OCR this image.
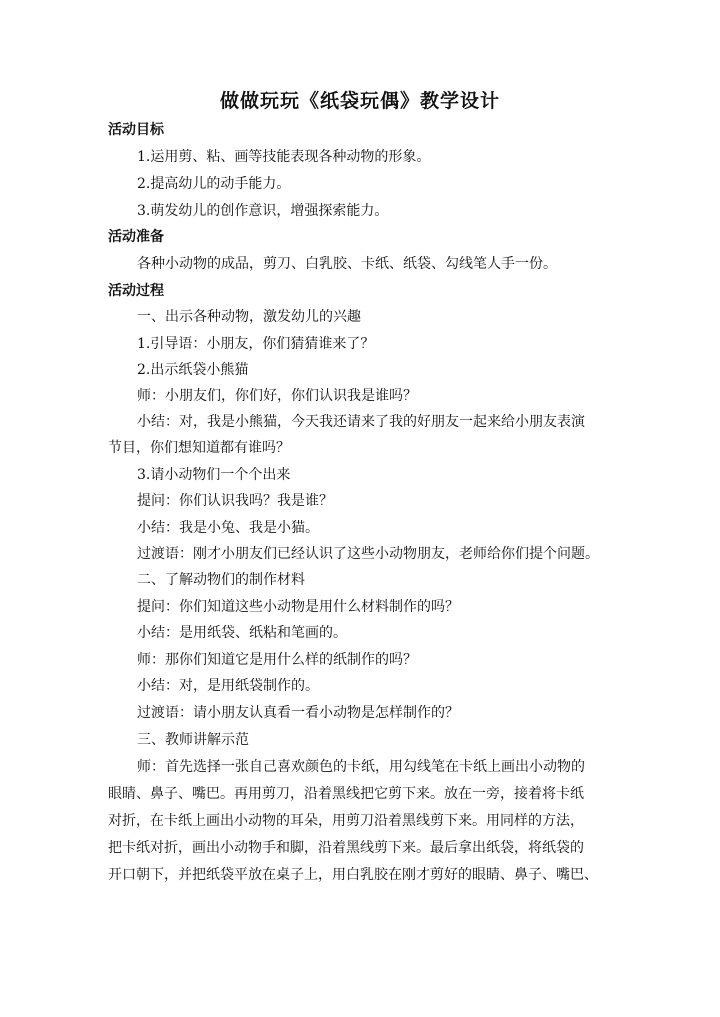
做做玩玩《纸袋玩偶》教学设计
活动目标
1.运用剪、粘、画等技能表现各种动物的形象。
2.提高幼儿的动手能力。
3.萌发幼儿的创作意识，增强探索能力。
活动准备
各种小动物的成品，剪刀、白乳胶、卡纸、纸袋、勾线笔人手一份。
活动过程
一、出示各种动物，激发幼儿的兴趣
1.引导语：小朋友，你们猜猜谁来了？
2.出示纸袋小熊猫
师：小朋友们，你们好，你们认识我是谁吗？
小结：对，我是小熊猫，今天我还请来了我的好朋友一起来给小朋友表演
节目，你们想知道都有谁吗？
3.请小动物们一个个出来
提问：你们认识我吗？我是谁？
小结：我是小兔、我是小猫。
过渡语：刚才小朋友们已经认识了这些小动物朋友，老师给你们提个问题。
二、了解动物们的制作材料
提问：你们知道这些小动物是用什么材料制作的吗？
小结：是用纸袋、纸粘和笔画的。
师：那你们知道它是用什么样的纸制作的吗？
小结：对，是用纸袋制作的。
过渡语：请小朋友认真看一看小动物是怎样制作的？
三、教师讲解示范
师：首先选择一张自己喜欢颜色的卡纸，用勾线笔在卡纸上画出小动物的
眼睛、鼻子、嘴巴。再用剪刀，沿着黑线把它剪下来。放在一旁，接着将卡纸
对折，在卡纸上画出小动物的耳朵，用剪刀沿着黑线剪下来。用同样的方法，
把卡纸对折，画出小动物手和脚，沿着黑线剪下来。最后拿出纸袋，将纸袋的
开口朝下，并把纸袋平放在桌子上，用白乳胶在刚才剪好的眼睛、鼻子、嘴巴、
